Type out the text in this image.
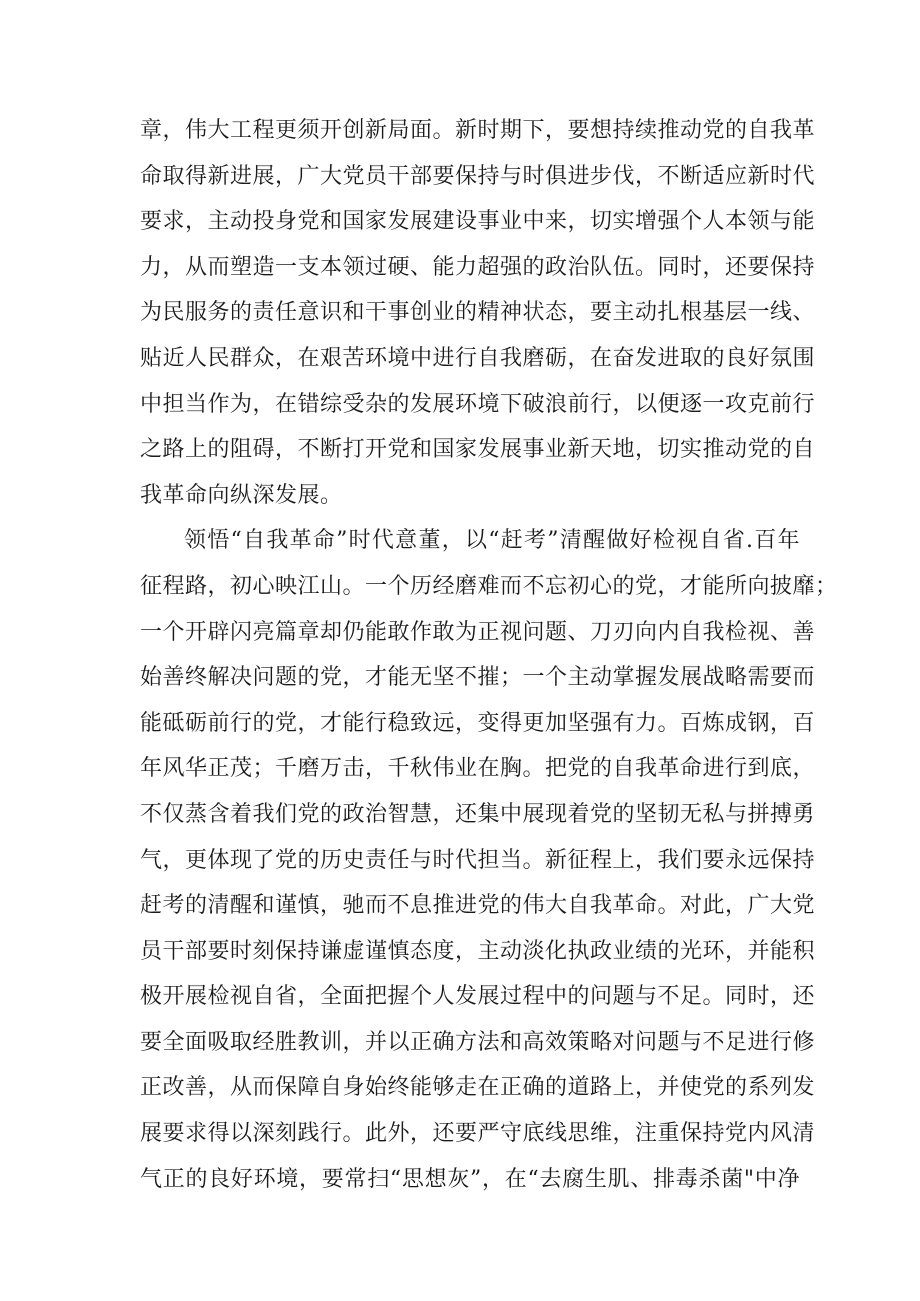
章，伟大工程更须开创新局面。新时期下，要想持续推动党的自我革
命取得新进展，广大党员干部要保持与时俱进步伐，不断适应新时代
要求，主动投身党和国家发展建设事业中来，切实增强个人本领与能
力，从而塑造一支本领过硬、能力超强的政治队伍。同时，还要保持
为民服务的责任意识和干事创业的精神状态，要主动扎根基层一线、
贴近人民群众，在艰苦环境中进行自我磨砺，在奋发进取的良好氛围
中担当作为，在错综受杂的发展环境下破浪前行，以便逐一攻克前行
之路上的阻碍，不断打开党和国家发展事业新天地，切实推动党的自
我革命向纵深发展。
领悟“自我革命”时代意董，以“赶考”清醒做好检视自省.百年
征程路，初心映江山。一个历经磨难而不忘初心的党，才能所向披靡；
一个开辟闪亮篇章却仍能敢作敢为正视问题、刀刃向内自我检视、善
始善终解决问题的党，才能无坚不摧；一个主动掌握发展战略需要而
能砥砺前行的党，才能行稳致远，变得更加坚强有力。百炼成钢，百
年风华正茂；千磨万击，千秋伟业在胸。把党的自我革命进行到底，
不仅蒸含着我们党的政治智慧，还集中展现着党的坚韧无私与拼搏勇
气，更体现了党的历史责任与时代担当。新征程上，我们要永远保持
赶考的清醒和谨慎，驰而不息推进党的伟大自我革命。对此，广大党
员干部要时刻保持谦虚谨慎态度，主动淡化执政业绩的光环，并能积
极开展检视自省，全面把握个人发展过程中的问题与不足。同时，还
要全面吸取经胜教训，并以正确方法和高效策略对问题与不足进行修
正改善，从而保障自身始终能够走在正确的道路上，并使党的系列发
展要求得以深刻践行。此外，还要严守底线思维，注重保持党内风清
气正的良好环境，要常扫“思想灰”，在“去腐生肌、排毒杀菌"中净
